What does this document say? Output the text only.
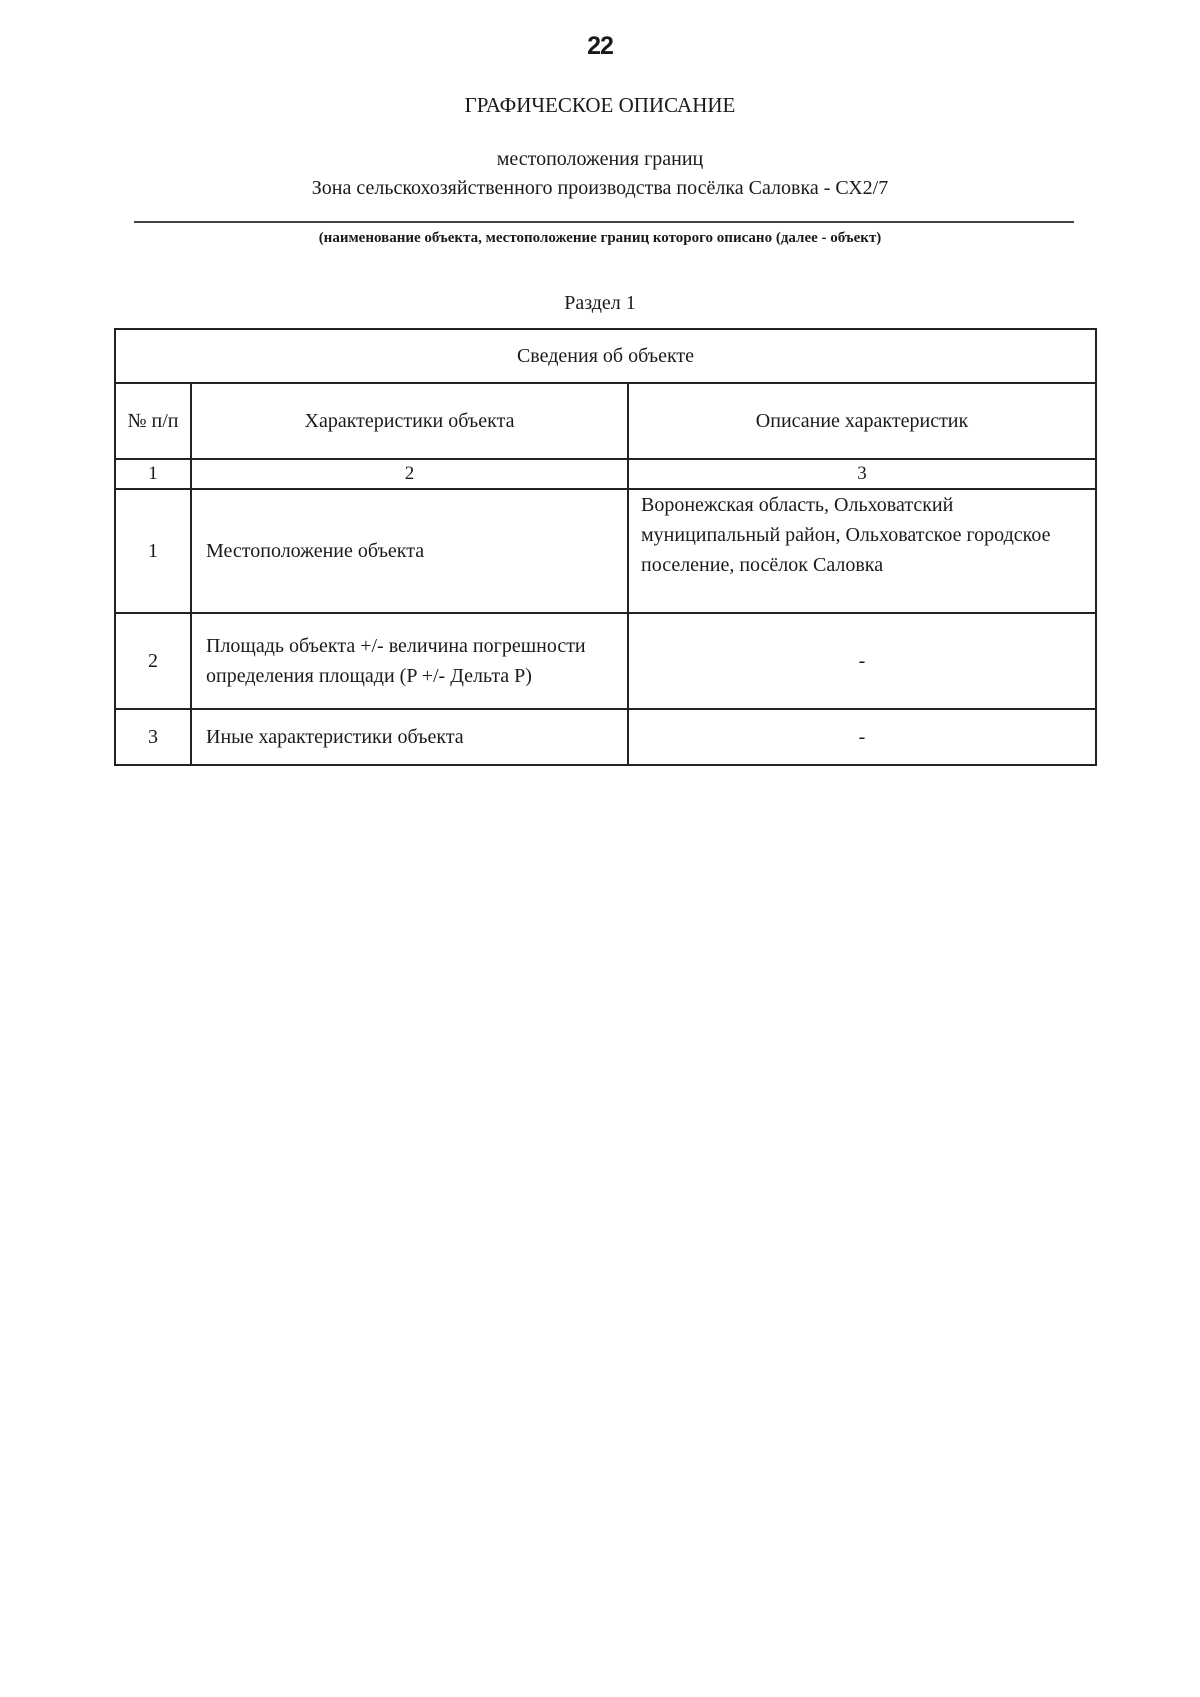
22
ГРАФИЧЕСКОЕ ОПИСАНИЕ
местоположения границ
Зона сельскохозяйственного производства посёлка Саловка - СХ2/7
(наименование объекта, местоположение границ которого описано (далее - объект)
Раздел 1
Сведения об объекте		
№ п/п	Характеристики объекта	Описание характеристик
1	2	3
1	Местоположение объекта	Воронежская область, Ольховатский муниципальный район, Ольховатское городское поселение, посёлок Саловка
2	Площадь объекта +/- величина погрешности определения площади (P +/- Дельта P)	-
3	Иные характеристики объекта	-
